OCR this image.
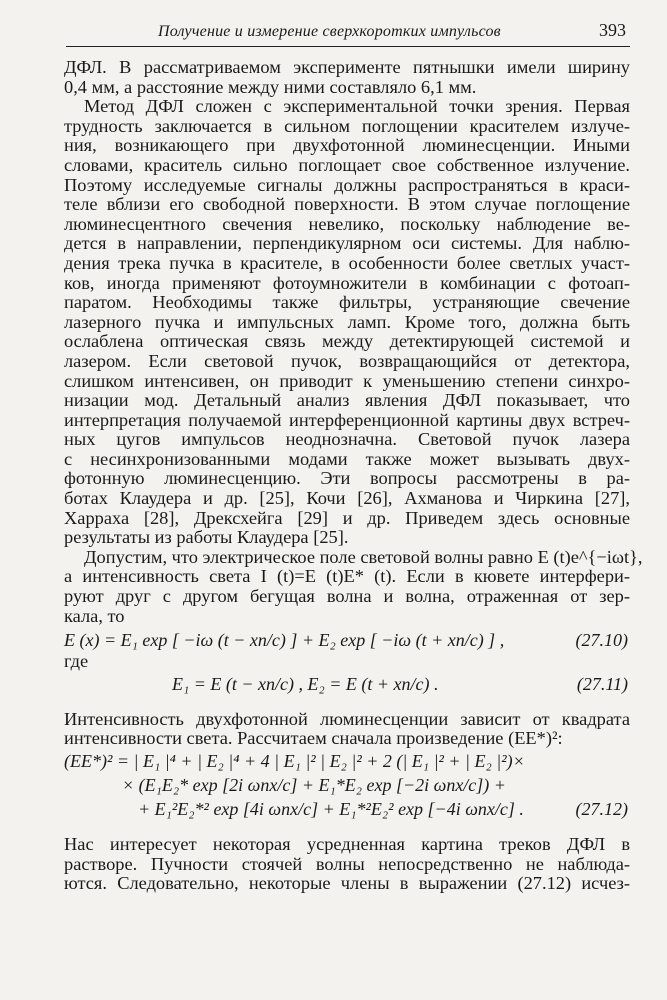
Получение и измерение сверхкоротких импульсов	393
ДФЛ. В рассматриваемом эксперименте пятнышки имели ширину
0,4 мм, а расстояние между ними составляло 6,1 мм.
Метод ДФЛ сложен с экспериментальной точки зрения. Первая
трудность заключается в сильном поглощении красителем излуче-
ния, возникающего при двухфотонной люминесценции. Иными
словами, краситель сильно поглощает свое собственное излучение.
Поэтому исследуемые сигналы должны распространяться в краси-
теле вблизи его свободной поверхности. В этом случае поглощение
люминесцентного свечения невелико, поскольку наблюдение ве-
дется в направлении, перпендикулярном оси системы. Для наблю-
дения трека пучка в красителе, в особенности более светлых участ-
ков, иногда применяют фотоумножители в комбинации с фотоап-
паратом. Необходимы также фильтры, устраняющие свечение
лазерного пучка и импульсных ламп. Кроме того, должна быть
ослаблена оптическая связь между детектирующей системой и
лазером. Если световой пучок, возвращающийся от детектора,
слишком интенсивен, он приводит к уменьшению степени синхро-
низации мод. Детальный анализ явления ДФЛ показывает, что
интерпретация получаемой интерференционной картины двух встреч-
ных цугов импульсов неоднозначна. Световой пучок лазера
с несинхронизованными модами также может вызывать двух-
фотонную люминесценцию. Эти вопросы рассмотрены в ра-
ботах Клаудера и др. [25], Кочи [26], Ахманова и Чиркина [27],
Харраха [28], Дрексхейга [29] и др. Приведем здесь основные
результаты из работы Клаудера [25].
Допустим, что электрическое поле световой волны равно E (t)e^{−iωt},
а интенсивность света I (t)=E (t)E* (t). Если в кювете интерфери-
руют друг с другом бегущая волна и волна, отраженная от зер-
кала, то
E (x) = E₁ exp [ −iω (t − xn/c) ] + E₂ exp [ −iω (t + xn/c) ] ,	(27.10)
где
E₁ = E (t − xn/c) , E₂ = E (t + xn/c) .	(27.11)
Интенсивность двухфотонной люминесценции зависит от квадрата
интенсивности света. Рассчитаем сначала произведение (EE*)²:
(EE*)² = | E₁ |⁴ + | E₂ |⁴ + 4 | E₁ |² | E₂ |² + 2 (| E₁ |² + | E₂ |²)×
× (E₁E₂* exp [2i ωnx/c] + E₁*E₂ exp [−2i ωnx/c]) +
+ E₁²E₂*² exp [4i ωnx/c] + E₁*²E₂² exp [−4i ωnx/c] .	(27.12)
Нас интересует некоторая усредненная картина треков ДФЛ в
растворе. Пучности стоячей волны непосредственно не наблюда-
ются. Следовательно, некоторые члены в выражении (27.12) исчез-
